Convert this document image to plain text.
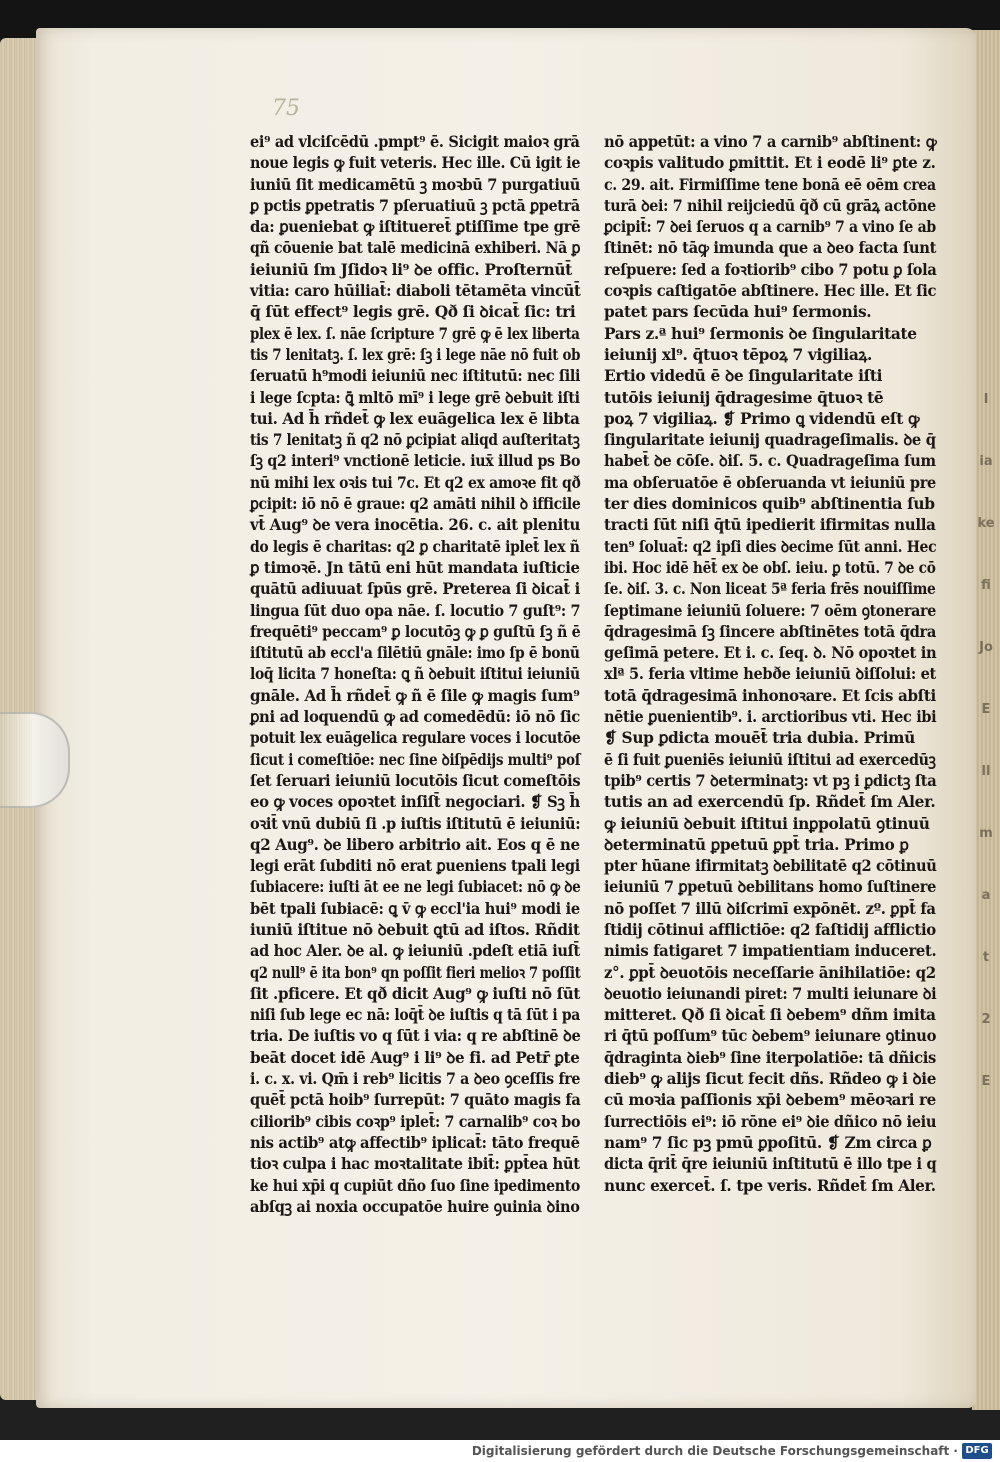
I
ia
ke
fi
Jo
E
ll
m
a
t
2
E
75
ei⁹ ad vlciſcēdū .pmpt⁹ ē. Sicigit maioꝛ grā
noue legis ꝙ fuit veteris. Hec ille. Cū igit ie
iuniū ſit medicamētū ꝫ moꝛbū 7 purgatiuū
ꝑ pctis ꝑpetratis 7 pſeruatiuū ꝫ pctā ꝑpetrā
da: ꝑueniebat ꝙ iſtitueret̄ ꝑtiſſime tpe grē
qñ cōuenie bat talē medicinā exhiberi. Nā ꝑ
ieiuniū ſm Jſidoꝛ li⁹ ꝺe offic. Proſternūt̄
vitia: caro hūiliat̄: diaboli tētamēta vincūt̄
q̄ ſūt effect⁹ legis grē. Qð ſi ꝺicat̄ ſic: tri
plex ē lex. ſ. nāe ſcripture 7 grē ꝙ ē lex liberta
tis 7 lenitatꝫ. ſ. lex grē: ſꝫ i lege nāe nō fuit ob
ſeruatū h⁹modi ieiuniū nec iſtitutū: nec ſili
i lege ſcpta: ꝗ̄ mltō mī⁹ i lege grē ꝺebuit iſti
tui. Ad h̄ rñdet̄ ꝙ lex euāgelica lex ē libta
tis 7 lenitatꝫ ñ q2 nō ꝑcipiat aliqd auſteritatꝫ
ſꝫ q2 interi⁹ vnctionē leticie. iux̄ illud ps Bo
nū mihi lex oꝛis tui 7c. Et q2 ex amoꝛe fit qð
ꝑcipit: iō nō ē graue: q2 amāti nihil ꝺ ifficile
vt̄ Aug⁹ ꝺe vera inocētia. 26. c. ait plenitu
do legis ē charitas: q2 ꝑ charitatē iplet̄ lex ñ
ꝑ timoꝛē. Jn tātū eni hūt mandata iuſticie
quātū adiuuat ſpūs grē. Preterea ſi ꝺicat̄ i
lingua ſūt duo opa nāe. ſ. locutio 7 guſt⁹: 7
frequēti⁹ peccam⁹ ꝑ locutōꝫ ꝙ ꝑ guſtū ſꝫ ñ ē
iſtitutū ab eccl'a ſilētiū gnāle: imo ſp ē bonū
loq̄ licita 7 honeſta: ꝗ ñ ꝺebuit iſtitui ieiuniū
gnāle. Ad h̄ rñdet̄ ꝙ ñ ē ſile ꝙ magis ſum⁹
ꝑni ad loquendū ꝙ ad comedēdū: iō nō ſic
potuit lex euāgelica regulare voces i locutōe
ſicut i comeſtiōe: nec ſine ꝺiſpēdijs multi⁹ poſ
ſet ſeruari ieiuniū locutōis ſicut comeſtōis
eo ꝙ voces opoꝛtet inſiſt̄ negociari. ❡ Sꝫ h̄
oꝛit̄ vnū dubiū ſi .p iuſtis iſtitutū ē ieiuniū:
q2 Aug⁹. ꝺe libero arbitrio ait. Eos q ē ne
legi erāt ſubditi nō erat ꝑueniens tpali legi
ſubiacere: iuſti āt ee ne legi ſubiacet: nō ꝙ ꝺe
bēt tpali ſubiacē: ꝗ v̄ ꝙ eccl'ia hui⁹ modi ie
iuniū iſtitue nō ꝺebuit ꝗtū ad iſtos. Rñdit
ad hoc Aler. ꝺe al. ꝙ ieiuniū .pdeſt etiā iuſt̄
q2 null⁹ ē ita bon⁹ qn poſſit fieri melioꝛ 7 poſſit
ſit .pficere. Et qð dicit Aug⁹ ꝙ iuſti nō ſūt
niſi ſub lege ec nā: loq̄t̄ ꝺe iuſtis q tā ſūt i pa
tria. De iuſtis vo q ſūt i via: q re abſtinē ꝺe
beāt docet idē Aug⁹ i li⁹ ꝺe fi. ad Petr̄ ꝑte
i. c. x. vi. Qm̄ i reb⁹ licitis 7 a ꝺeo ꝯceſſis fre
quēt̄ pctā hoib⁹ ſurrepūt: 7 quāto magis fa
ciliorib⁹ cibis coꝛp⁹ iplet̄: 7 carnalib⁹ coꝛ bo
nis actib⁹ atꝙ affectib⁹ iplicat̄: tāto frequē
tioꝛ culpa i hac moꝛtalitate ibit̄: ꝑpt̄ea hūt
ke hui xp̄i q cupiūt dño ſuo ſine ipedimento
abſqꝫ ai noxia occupatōe huire ꝯuinia ꝺino
nō appetūt: a vino 7 a carnib⁹ abſtinent: ꝙ
coꝛpis valitudo ꝑmittit. Et i eodē li⁹ ꝑte z.
c. 29. ait. Firmiſſime tene bonā eē oēm crea
turā ꝺei: 7 nihil reijciedū q̄ð cū grāꝝ actōne
ꝑcipit̄: 7 ꝺei ſeruos q a carnib⁹ 7 a vino ſe ab
ſtinēt: nō tāꝙ imunda que a ꝺeo facta ſunt
reſpuere: ſed a foꝛtiorib⁹ cibo 7 potu ꝑ ſola
coꝛpis caſtigatōe abſtinere. Hec ille. Et ſic
patet pars ſecūda hui⁹ ſermonis.
Pars z.ª hui⁹ ſermonis ꝺe ſingularitate
ieiunij xl⁹. q̄tuoꝛ tēpoꝝ 7 vigiliaꝝ.
Ertio videdū ē ꝺe ſingularitate iſti
tutōis ieiunij q̄dragesime q̄tuoꝛ tē
poꝝ 7 vigiliaꝝ. ❡ Primo ꝗ videndū eſt ꝙ
ſingularitate ieiunij quadrageſimalis. ꝺe q̄
habet̄ ꝺe cōſe. ꝺiſ. 5. c. Quadrageſima ſum
ma obſeruatōe ē obſeruanda vt ieiuniū pre
ter dies dominicos quib⁹ abſtinentia ſub
tracti ſūt niſi q̄tū ipedierit ifirmitas nulla
ten⁹ ſoluat̄: q2 ipſi dies ꝺecime ſūt anni. Hec
ibi. Hoc idē hēt̄ ex ꝺe obſ. ieiu. ꝑ totū. 7 ꝺe cō
ſe. ꝺiſ. 3. c. Non liceat 5ª feria frēs nouiſſime
ſeptimane ieiuniū ſoluere: 7 oēm ꝯtonerare
q̄dragesimā ſꝫ ſincere abſtinētes totā q̄dra
geſimā petere. Et i. c. ſeq. ꝺ. Nō opoꝛtet in
xlª 5. feria vltime hebðe ieiuniū ꝺiſſolui: et
totā q̄dragesimā inhonoꝛare. Et ſcis abſti
nētie ꝑuenientib⁹. i. arctioribus vti. Hec ibi
❡ Sup ꝑdicta mouēt̄ tria dubia. Primū
ē ſi fuit ꝑueniēs ieiuniū iſtitui ad exercedūꝫ
tpib⁹ certis 7 ꝺeterminatꝫ: vt pꝫ i ꝑdictꝫ ſta
tutis an ad exercendū ſp. Rñdet̄ ſm Aler.
ꝙ ieiuniū ꝺebuit iſtitui inꝑpolatū ꝯtinuū
ꝺeterminatū ꝑpetuū ꝑpt̄ tria. Primo ꝑ
pter hūane ifirmitatꝫ ꝺebilitatē q2 cōtinuū
ieiuniū 7 ꝑpetuū ꝺebilitans homo ſuſtinere
nō poſſet 7 illū ꝺiſcrimī expōnēt. zº. ꝑpt̄ fa
ſtidij cōtinui afflictiōe: q2 faſtidij afflictio
nimis fatigaret 7 impatientiam induceret.
z°. ꝑpt̄ ꝺeuotōis neceſſarie ānihilatiōe: q2
ꝺeuotio ieiunandi piret: 7 multi ieiunare ꝺi
mitteret. Qð ſi ꝺicat̄ ſi ꝺebem⁹ dñm imita
ri q̄tū poſſum⁹ tūc ꝺebem⁹ ieiunare ꝯtinuo
q̄draginta ꝺieb⁹ ſine iterpolatiōe: tā dñicis
dieb⁹ ꝙ alijs ſicut fecit dñs. Rñdeo ꝙ i ꝺie
cū moꝛia paſſionis xp̄i ꝺebem⁹ mēoꝛari re
ſurrectiōis ei⁹: iō rōne ei⁹ ꝺie dñico nō ieiu
nam⁹ 7 ſic pꝫ pmū ꝑpoſitū. ❡ Zm circa ꝑ
dicta q̄rit̄ q̄re ieiuniū inſtitutū ē illo tpe i q
nunc exercet̄. ſ. tpe veris. Rñdet̄ ſm Aler.
Digitalisierung gefördert durch die Deutsche Forschungsgemeinschaft · DFG
